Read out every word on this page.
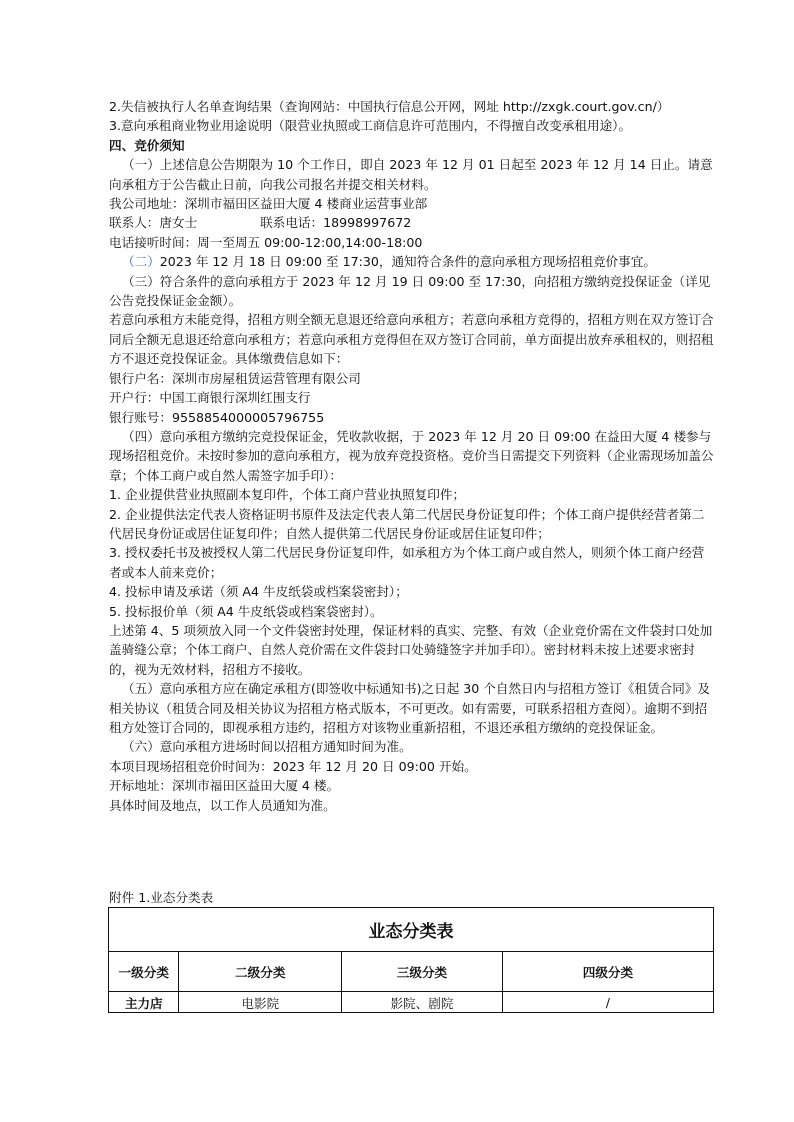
2.失信被执行人名单查询结果（查询网站：中国执行信息公开网，网址 http://zxgk.court.gov.cn/）

3.意向承租商业物业用途说明（限营业执照或工商信息许可范围内，不得擅自改变承租用途）。

四、竞价须知

（一）上述信息公告期限为 10 个工作日，即自 2023 年 12 月 01 日起至 2023 年 12 月 14 日止。请意向承租方于公告截止日前，向我公司报名并提交相关材料。

我公司地址：深圳市福田区益田大厦 4 楼商业运营事业部

联系人：唐女士　　　　　联系电话：18998997672

电话接听时间：周一至周五 09:00-12:00,14:00-18:00

（二）2023 年 12 月 18 日 09:00 至 17:30，通知符合条件的意向承租方现场招租竞价事宜。

（三）符合条件的意向承租方于 2023 年 12 月 19 日 09:00 至 17:30，向招租方缴纳竞投保证金（详见公告竞投保证金金额）。

若意向承租方未能竞得，招租方则全额无息退还给意向承租方；若意向承租方竞得的，招租方则在双方签订合同后全额无息退还给意向承租方；若意向承租方竞得但在双方签订合同前，单方面提出放弃承租权的，则招租方不退还竞投保证金。具体缴费信息如下：

银行户名：深圳市房屋租赁运营管理有限公司

开户行：中国工商银行深圳红围支行

银行账号：9558854000005796755

（四）意向承租方缴纳完竞投保证金，凭收款收据，于 2023 年 12 月 20 日 09:00 在益田大厦 4 楼参与现场招租竞价。未按时参加的意向承租方，视为放弃竞投资格。竞价当日需提交下列资料（企业需现场加盖公章；个体工商户或自然人需签字加手印）：

1. 企业提供营业执照副本复印件，个体工商户营业执照复印件；

2. 企业提供法定代表人资格证明书原件及法定代表人第二代居民身份证复印件；个体工商户提供经营者第二代居民身份证或居住证复印件；自然人提供第二代居民身份证或居住证复印件；

3. 授权委托书及被授权人第二代居民身份证复印件，如承租方为个体工商户或自然人，则须个体工商户经营者或本人前来竞价；

4. 投标申请及承诺（须 A4 牛皮纸袋或档案袋密封）；

5. 投标报价单（须 A4 牛皮纸袋或档案袋密封）。

上述第 4、5 项须放入同一个文件袋密封处理，保证材料的真实、完整、有效（企业竞价需在文件袋封口处加盖骑缝公章；个体工商户、自然人竞价需在文件袋封口处骑缝签字并加手印）。密封材料未按上述要求密封的，视为无效材料，招租方不接收。

（五）意向承租方应在确定承租方(即签收中标通知书)之日起 30 个自然日内与招租方签订《租赁合同》及相关协议（租赁合同及相关协议为招租方格式版本，不可更改。如有需要，可联系招租方查阅）。逾期不到招租方处签订合同的，即视承租方违约，招租方对该物业重新招租，不退还承租方缴纳的竞投保证金。

（六）意向承租方进场时间以招租方通知时间为准。

本项目现场招租竞价时间为：2023 年 12 月 20 日 09:00 开始。

开标地址：深圳市福田区益田大厦 4 楼。

具体时间及地点，以工作人员通知为准。

附件 1.业态分类表
业态分类表			
一级分类	二级分类	三级分类	四级分类
主力店	电影院	影院、剧院	/
